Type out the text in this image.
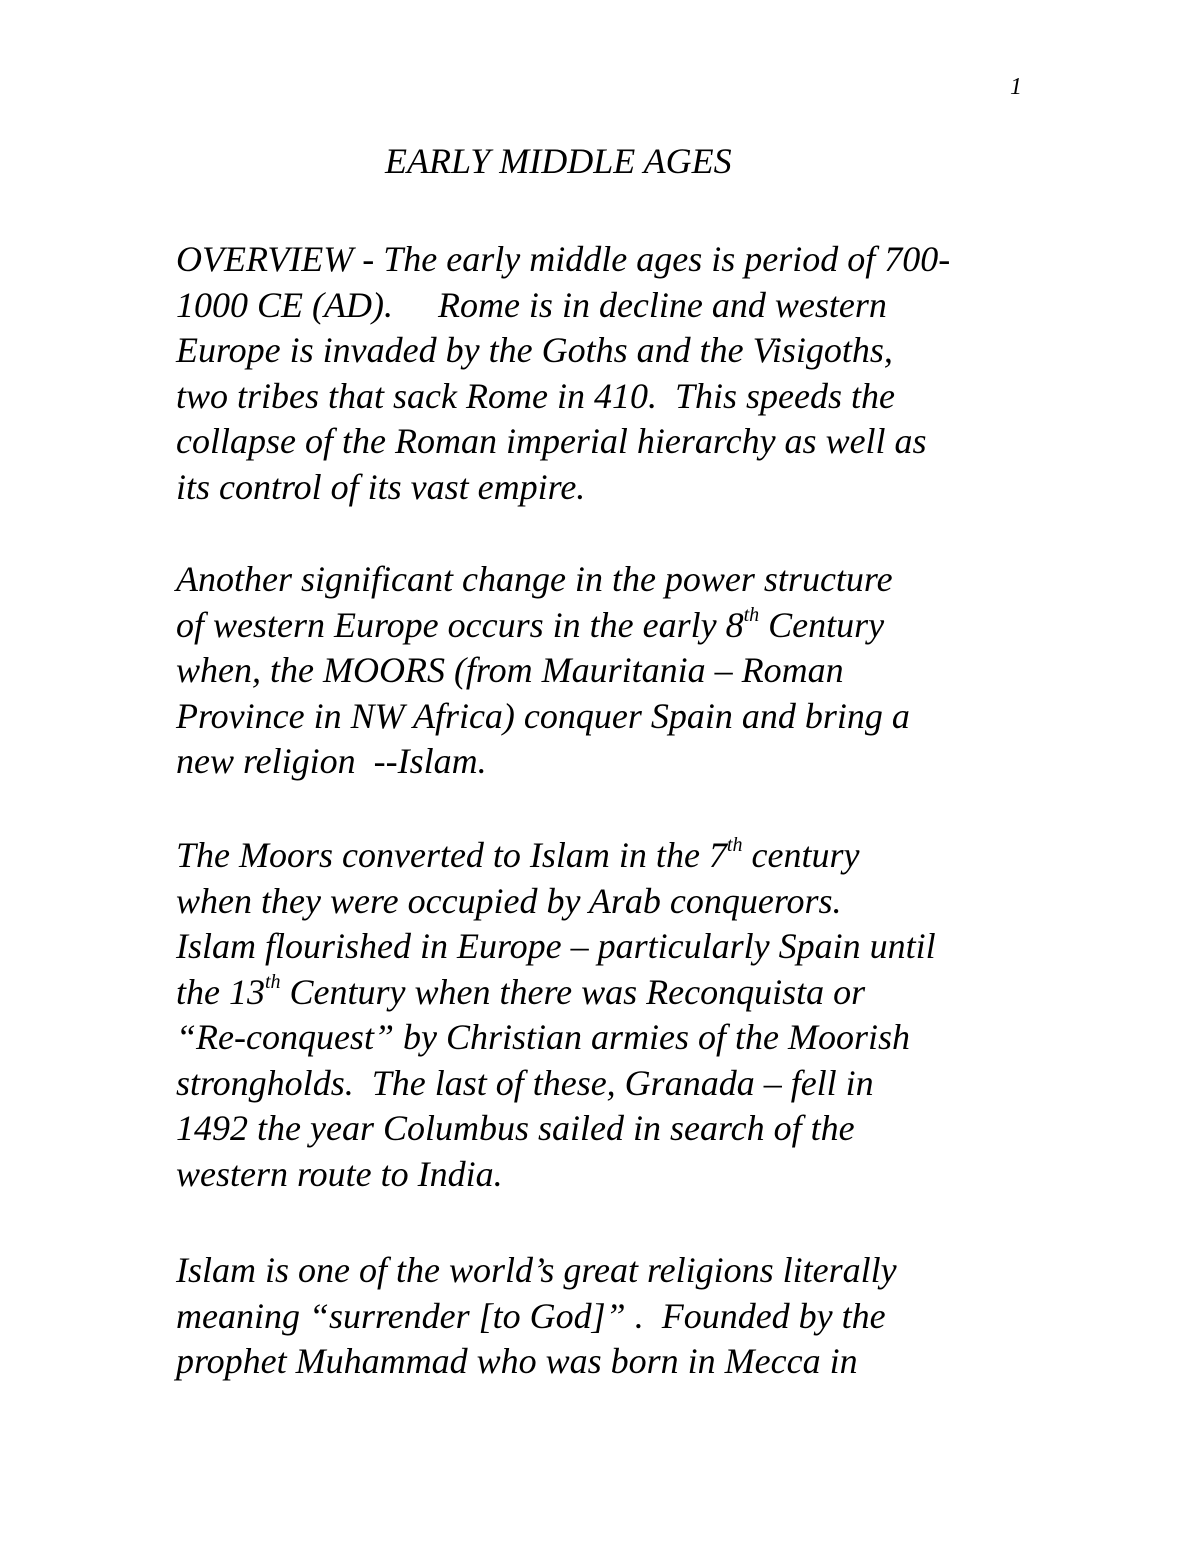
1
EARLY MIDDLE AGES
OVERVIEW - The early middle ages is period of 700-
1000 CE (AD).     Rome is in decline and western
Europe is invaded by the Goths and the Visigoths,
two tribes that sack Rome in 410.  This speeds the
collapse of the Roman imperial hierarchy as well as
its control of its vast empire.
Another significant change in the power structure
of western Europe occurs in the early 8th Century
when, the MOORS (from Mauritania – Roman
Province in NW Africa) conquer Spain and bring a
new religion  --Islam.
The Moors converted to Islam in the 7th century
when they were occupied by Arab conquerors.
Islam flourished in Europe – particularly Spain until
the 13th Century when there was Reconquista or
“Re-conquest” by Christian armies of the Moorish
strongholds.  The last of these, Granada – fell in
1492 the year Columbus sailed in search of the
western route to India.
Islam is one of the world’s great religions literally
meaning “surrender [to God]” .  Founded by the
prophet Muhammad who was born in Mecca in
